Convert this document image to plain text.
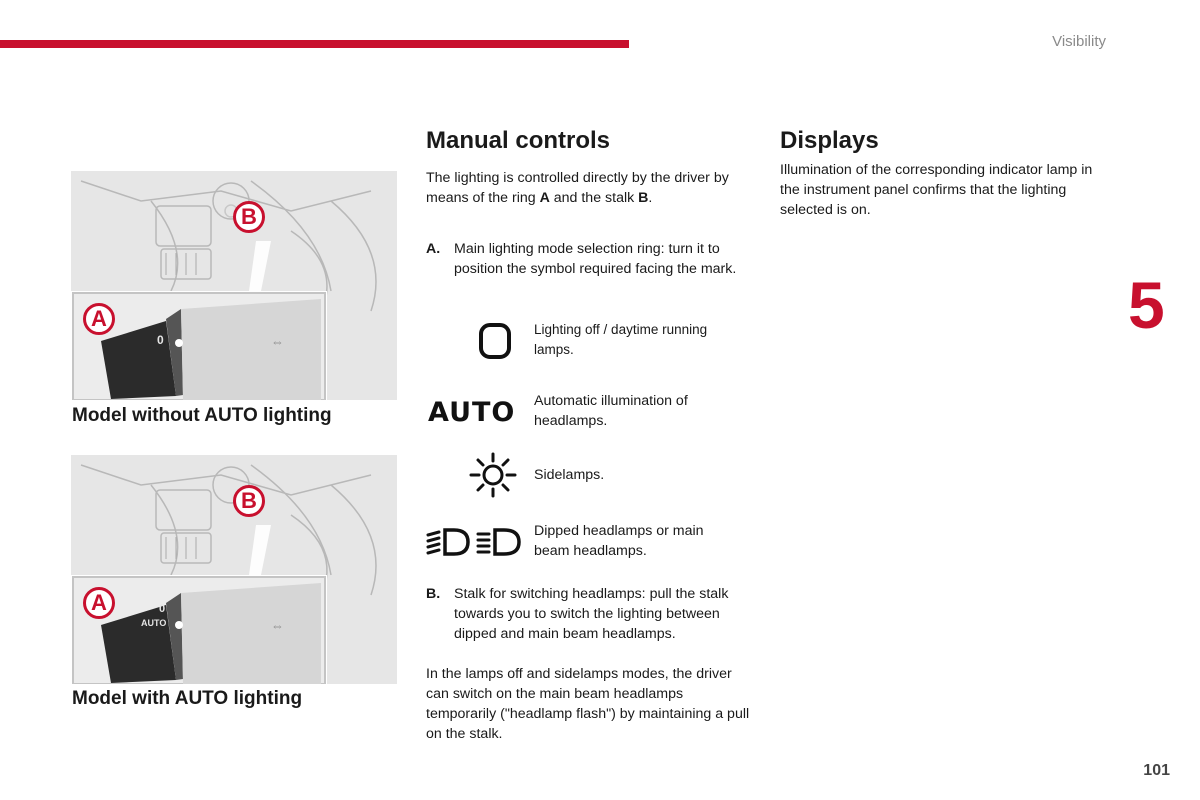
Visibility
5
101
B
A
0	⇔
Model without AUTO lighting
B
A	0
AUTO	⇔
Model with AUTO lighting
Manual controls

The lighting is controlled directly by the driver by means of the ring A and the stalk B.

A. Main lighting mode selection ring: turn it to position the symbol required facing the mark.
Lighting off / daytime running lamps.
AUTO Automatic illumination of headlamps.
Sidelamps.
Dipped headlamps or main beam headlamps.
B. Stalk for switching headlamps: pull the stalk towards you to switch the lighting between dipped and main beam headlamps.

In the lamps off and sidelamps modes, the driver can switch on the main beam headlamps temporarily ("headlamp flash") by maintaining a pull on the stalk.

Displays

Illumination of the corresponding indicator lamp in the instrument panel confirms that the lighting selected is on.
